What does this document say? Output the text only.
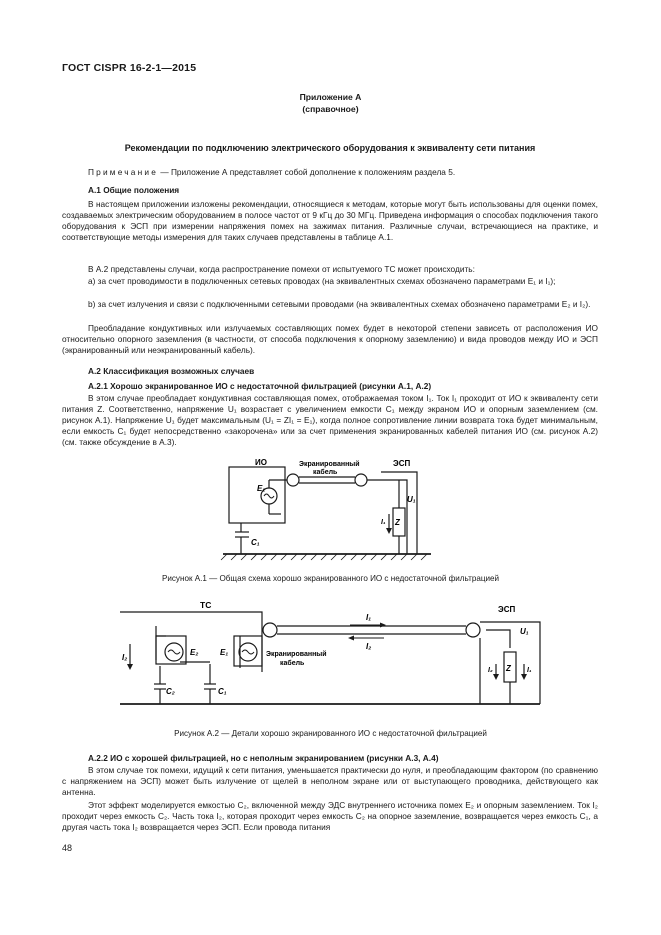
ГОСТ CISPR 16-2-1—2015
Приложение А
(справочное)
Рекомендации по подключению электрического оборудования к эквиваленту сети питания
Примечание — Приложение А представляет собой дополнение к положениям раздела 5.
А.1 Общие положения
В настоящем приложении изложены рекомендации, относящиеся к методам, которые могут быть использованы для оценки помех, создаваемых электрическим оборудованием в полосе частот от 9 кГц до 30 МГц. Приведена информация о способах подключения такого оборудования к ЭСП при измерении напряжения помех на зажимах питания. Различные случаи, встречающиеся на практике, и соответствующие методы измерения для таких случаев представлены в таблице А.1.
В А.2 представлены случаи, когда распространение помехи от испытуемого ТС может происходить:
а) за счет проводимости в подключенных сетевых проводах (на эквивалентных схемах обозначено параметрами E₁ и I₁);
b) за счет излучения и связи с подключенными сетевыми проводами (на эквивалентных схемах обозначено параметрами E₂ и I₂).
Преобладание кондуктивных или излучаемых составляющих помех будет в некоторой степени зависеть от расположения ИО относительно опорного заземления (в частности, от способа подключения к опорному заземлению) и вида проводов между ИО и ЭСП (экранированный или неэкранированный кабель).
А.2 Классификация возможных случаев
А.2.1 Хорошо экранированное ИО с недостаточной фильтрацией (рисунки А.1, А.2)
В этом случае преобладает кондуктивная составляющая помех, отображаемая током I₁. Ток I₁ проходит от ИО к эквиваленту сети питания Z. Соответственно, напряжение U₁ возрастает с увеличением емкости C₁ между экраном ИО и опорным заземлением (см. рисунок А.1). Напряжение U₁ будет максимальным (U₁ = ZI₁ = E₁), когда полное сопротивление линии возврата тока будет минимальным, если емкость C₁ будет непосредственно «закорочена» или за счет применения экранированных кабелей питания ИО (см. рисунок А.2) (см. также обсуждение в А.3).
ИО	Экранированный
кабель
ЭСП
E₁
U₁
Z
I₁
C₁
Рисунок А.1 — Общая схема хорошо экранированного ИО с недостаточной фильтрацией
ТС	ЭСП
Экранированный
кабель
E₂	E₁
I₁
I₂
I₂
C₂	C₁
U₁
Z
I₂	I₁
Рисунок А.2 — Детали хорошо экранированного ИО с недостаточной фильтрацией
А.2.2 ИО с хорошей фильтрацией, но с неполным экранированием (рисунки А.3, А.4)
В этом случае ток помехи, идущий к сети питания, уменьшается практически до нуля, и преобладающим фактором (по сравнению с напряжением на ЭСП) может быть излучение от щелей в неполном экране или от выступающего проводника, действующего как антенна.
Этот эффект моделируется емкостью C₂, включенной между ЭДС внутреннего источника помех E₂ и опорным заземлением. Ток I₂ проходит через емкость C₂. Часть тока I₂, которая проходит через емкость C₂ на опорное заземление, возвращается через емкость C₁, а другая часть тока I₂ возвращается через ЭСП. Если провода питания
48
